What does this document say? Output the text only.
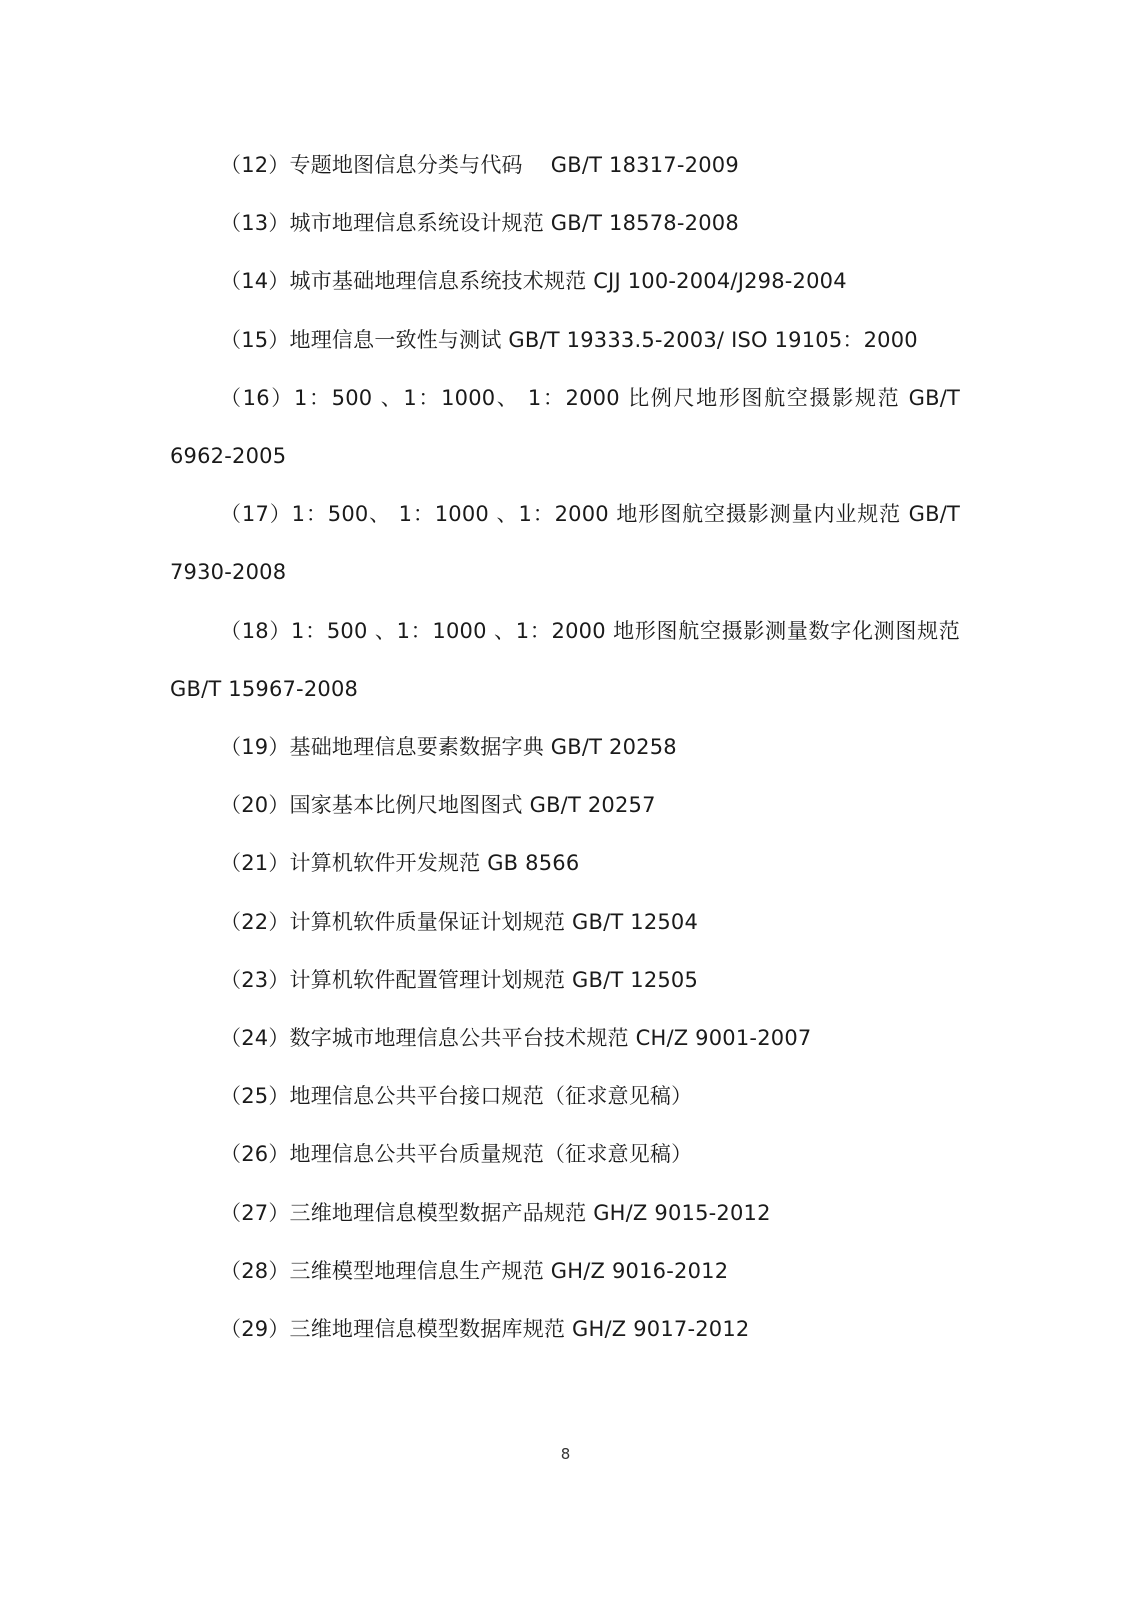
（12）专题地图信息分类与代码　 GB/T 18317-2009

（13）城市地理信息系统设计规范 GB/T 18578-2008

（14）城市基础地理信息系统技术规范 CJJ 100-2004/J298-2004

（15）地理信息一致性与测试 GB/T 19333.5-2003/ ISO 19105：2000

（16）1：500 、1：1000、 1：2000 比例尺地形图航空摄影规范 GB/T 6962-2005

（17）1：500、 1：1000 、1：2000 地形图航空摄影测量内业规范 GB/T 7930-2008

（18）1：500 、1：1000 、1：2000 地形图航空摄影测量数字化测图规范 GB/T 15967-2008

（19）基础地理信息要素数据字典 GB/T 20258

（20）国家基本比例尺地图图式 GB/T 20257

（21）计算机软件开发规范 GB 8566

（22）计算机软件质量保证计划规范 GB/T 12504

（23）计算机软件配置管理计划规范 GB/T 12505

（24）数字城市地理信息公共平台技术规范 CH/Z 9001-2007

（25）地理信息公共平台接口规范（征求意见稿）

（26）地理信息公共平台质量规范（征求意见稿）

（27）三维地理信息模型数据产品规范 GH/Z 9015-2012

（28）三维模型地理信息生产规范 GH/Z 9016-2012

（29）三维地理信息模型数据库规范 GH/Z 9017-2012

8
